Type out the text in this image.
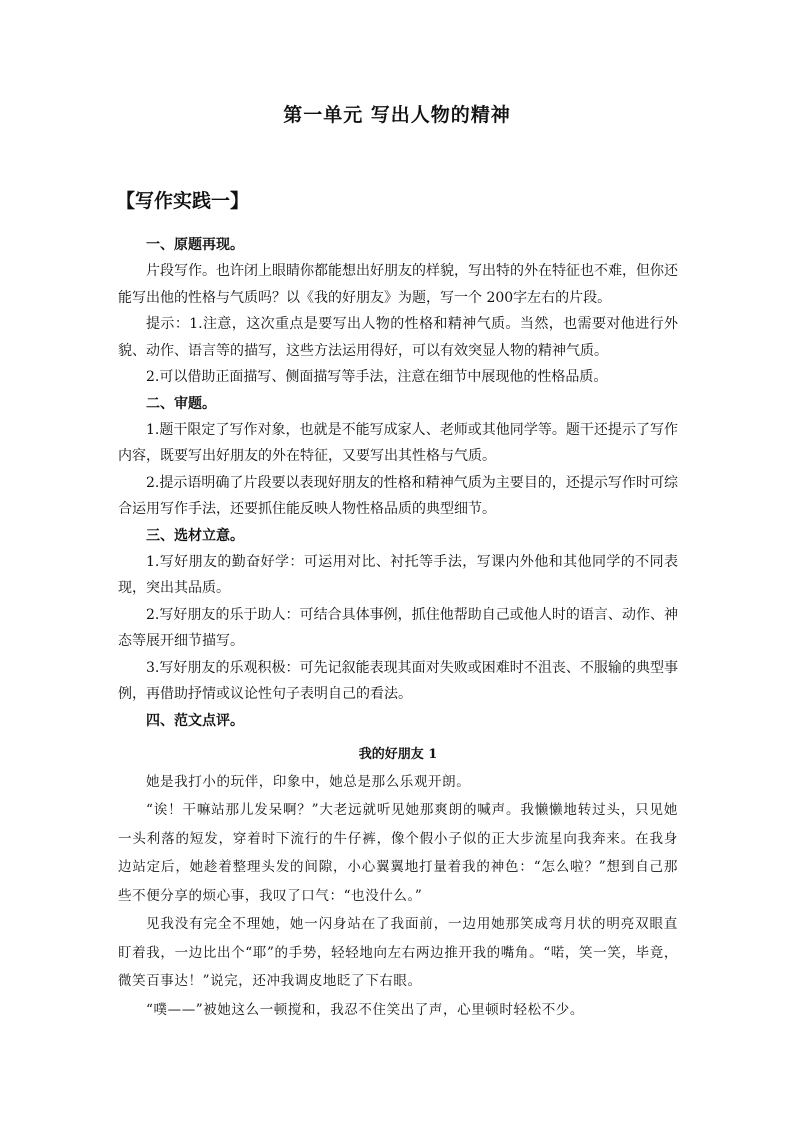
第一单元 写出人物的精神
【写作实践一】

一、原题再现。

片段写作。也许闭上眼睛你都能想出好朋友的样貌，写出特的外在特征也不难，但你还能写出他的性格与气质吗？以《我的好朋友》为题，写一个 200字左右的片段。

提示：1.注意，这次重点是要写出人物的性格和精神气质。当然，也需要对他进行外貌、动作、语言等的描写，这些方法运用得好，可以有效突显人物的精神气质。

2.可以借助正面描写、侧面描写等手法，注意在细节中展现他的性格品质。

二、审题。

1.题干限定了写作对象，也就是不能写成家人、老师或其他同学等。题干还提示了写作内容，既要写出好朋友的外在特征，又要写出其性格与气质。

2.提示语明确了片段要以表现好朋友的性格和精神气质为主要目的，还提示写作时可综合运用写作手法，还要抓住能反映人物性格品质的典型细节。

三、选材立意。

1.写好朋友的勤奋好学：可运用对比、衬托等手法，写课内外他和其他同学的不同表现，突出其品质。

2.写好朋友的乐于助人：可结合具体事例，抓住他帮助自己或他人时的语言、动作、神态等展开细节描写。

3.写好朋友的乐观积极：可先记叙能表现其面对失败或困难时不沮丧、不服输的典型事例，再借助抒情或议论性句子表明自己的看法。

四、范文点评。

我的好朋友 1

她是我打小的玩伴，印象中，她总是那么乐观开朗。

“诶！干嘛站那儿发呆啊？”大老远就听见她那爽朗的喊声。我懒懒地转过头，只见她一头利落的短发，穿着时下流行的牛仔裤，像个假小子似的正大步流星向我奔来。在我身边站定后，她趁着整理头发的间隙，小心翼翼地打量着我的神色：“怎么啦？”想到自己那些不便分享的烦心事，我叹了口气：“也没什么。”

见我没有完全不理她，她一闪身站在了我面前，一边用她那笑成弯月状的明亮双眼直盯着我，一边比出个“耶”的手势，轻轻地向左右两边推开我的嘴角。“喏，笑一笑，毕竟，微笑百事达！”说完，还冲我调皮地眨了下右眼。

“噗——”被她这么一顿搅和，我忍不住笑出了声，心里顿时轻松不少。
